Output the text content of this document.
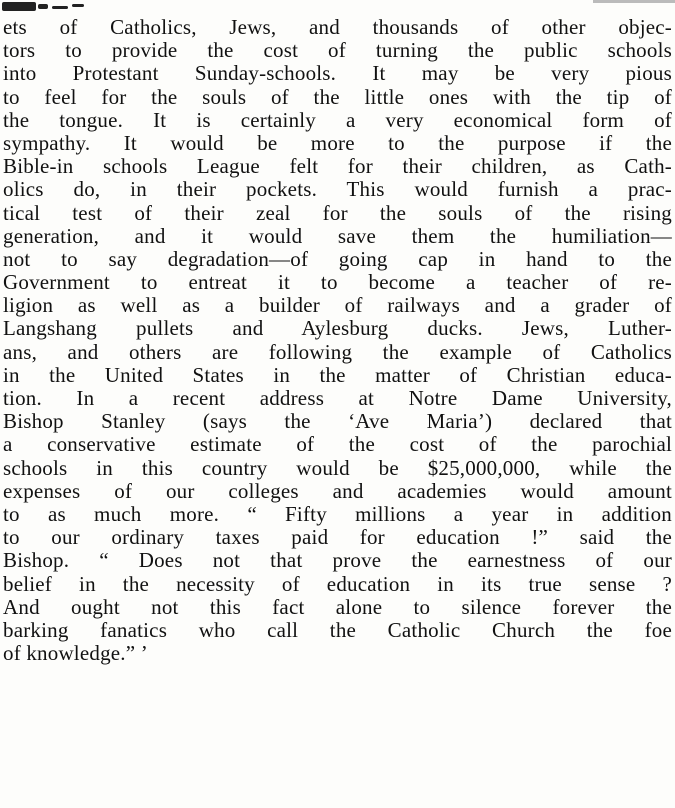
ets of Catholics, Jews, and thousands of other objec-
tors to provide the cost of turning the public schools
into Protestant Sunday-schools. It may be very pious
to feel for the souls of the little ones with the tip of
the tongue. It is certainly a very economical form of
sympathy. It would be more to the purpose if the
Bible-in schools League felt for their children, as Cath-
olics do, in their pockets. This would furnish a prac-
tical test of their zeal for the souls of the rising
generation, and it would save them the humiliation—
not to say degradation—of going cap in hand to the
Government to entreat it to become a teacher of re-
ligion as well as a builder of railways and a grader of
Langshang pullets and Aylesburg ducks. Jews, Luther-
ans, and others are following the example of Catholics
in the United States in the matter of Christian educa-
tion. In a recent address at Notre Dame University,
Bishop Stanley (says the ‘Ave Maria’) declared that
a conservative estimate of the cost of the parochial
schools in this country would be $25,000,000, while the
expenses of our colleges and academies would amount
to as much more. “ Fifty millions a year in addition
to our ordinary taxes paid for education !” said the
Bishop. “ Does not that prove the earnestness of our
belief in the necessity of education in its true sense ?
And ought not this fact alone to silence forever the
barking fanatics who call the Catholic Church the foe
of knowledge.” ’
